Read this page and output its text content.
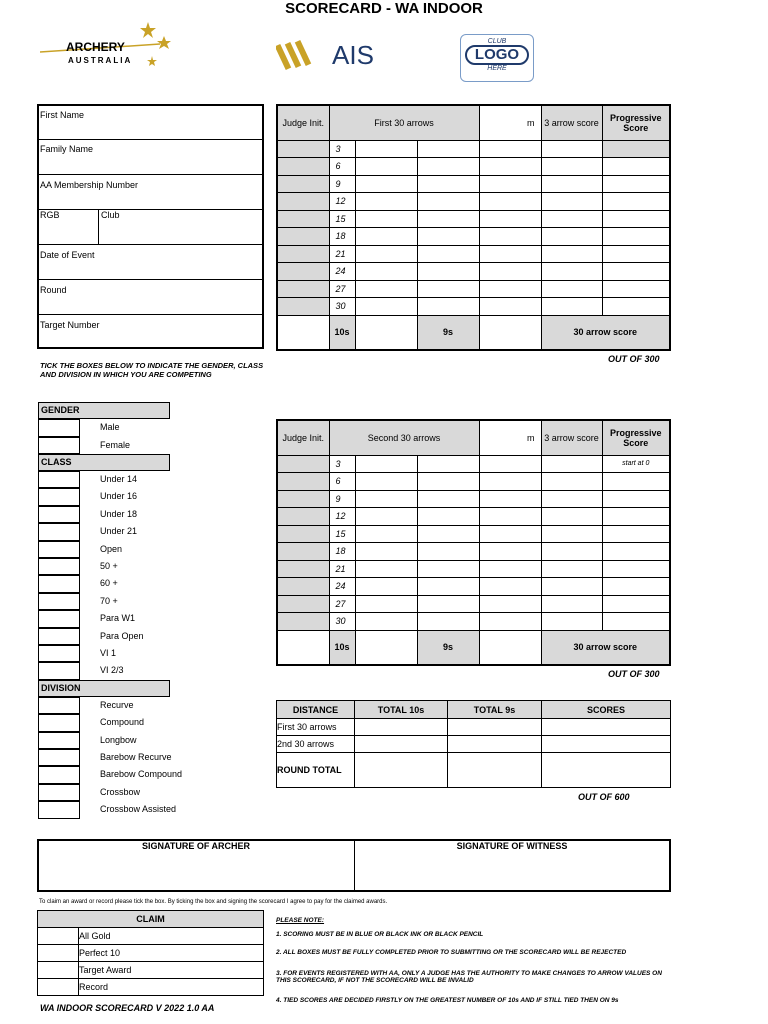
SCORECARD - WA INDOOR
ARCHERY
AUSTRALIA	AIS	CLUB
LOGO
HERE
First Name
Family Name
AA Membership Number
RGB	Club
Date of Event
Round
Target Number
TICK THE BOXES BELOW TO INDICATE THE GENDER, CLASS AND DIVISION IN WHICH YOU ARE COMPETING
GENDER
Male
Female
CLASS
Under 14
Under 16
Under 18
Under 21
Open
50 +
60 +
70 +
Para W1
Para Open
VI 1
VI 2/3
DIVISION
Recurve
Compound
Longbow
Barebow Recurve
Barebow Compound
Crossbow
Crossbow Assisted
Judge Init.	First 30 arrows			m	3 arrow score	Progressive Score
	3					
	6					
	9					
	12					
	15					
	18					
	21					
	24					
	27					
	30					
	10s		9s		30 arrow score	
OUT OF 300
Judge Init.	Second 30 arrows			m	3 arrow score	Progressive Score
	3					start at 0
	6					
	9					
	12					
	15					
	18					
	21					
	24					
	27					
	30					
	10s		9s		30 arrow score	
OUT OF 300
DISTANCE	TOTAL 10s	TOTAL 9s	SCORES
First 30 arrows			
2nd 30 arrows			
ROUND TOTAL			
OUT OF 600
SIGNATURE OF ARCHER	SIGNATURE OF WITNESS
To claim an award or record please tick the box. By ticking the box and signing the scorecard I agree to pay for the claimed awards.
CLAIM	
	All Gold
	Perfect 10
	Target Award
	Record
PLEASE NOTE:
1. SCORING MUST BE IN BLUE OR BLACK INK OR BLACK PENCIL
2. ALL BOXES MUST BE FULLY COMPLETED PRIOR TO SUBMITTING OR THE SCORECARD WILL BE REJECTED
3. FOR EVENTS REGISTERED WITH AA, ONLY A JUDGE HAS THE AUTHORITY TO MAKE CHANGES TO ARROW VALUES ON THIS SCORECARD, IF NOT THE SCORECARD WILL BE INVALID
4. TIED SCORES ARE DECIDED FIRSTLY ON THE GREATEST NUMBER OF 10s AND IF STILL TIED THEN ON 9s
WA INDOOR SCORECARD V 2022 1.0 AA
